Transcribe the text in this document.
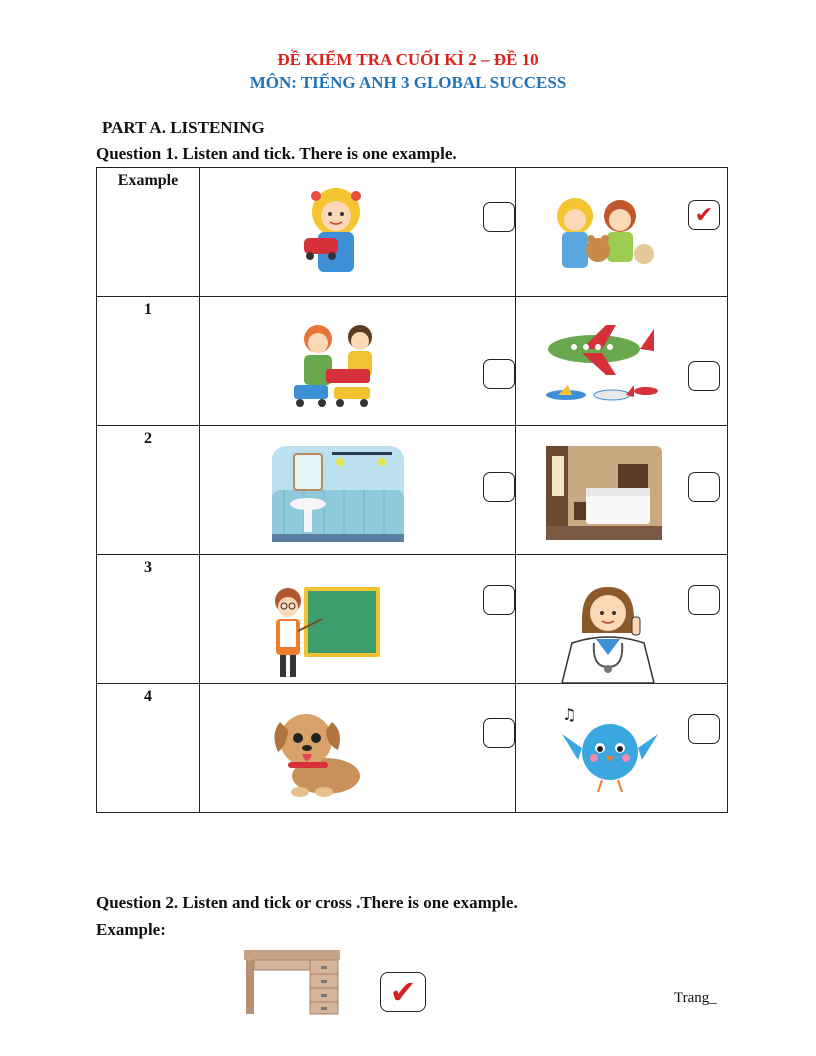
ĐỀ KIỂM TRA CUỐI KÌ 2 – ĐỀ 10
MÔN: TIẾNG ANH 3 GLOBAL SUCCESS
PART A. LISTENING
Question 1. Listen and tick. There is one example.
Example		✔

1	

2	

3	

4		♫
Question 2. Listen and tick or cross .There is one example.
Example:
✔	Trang_
